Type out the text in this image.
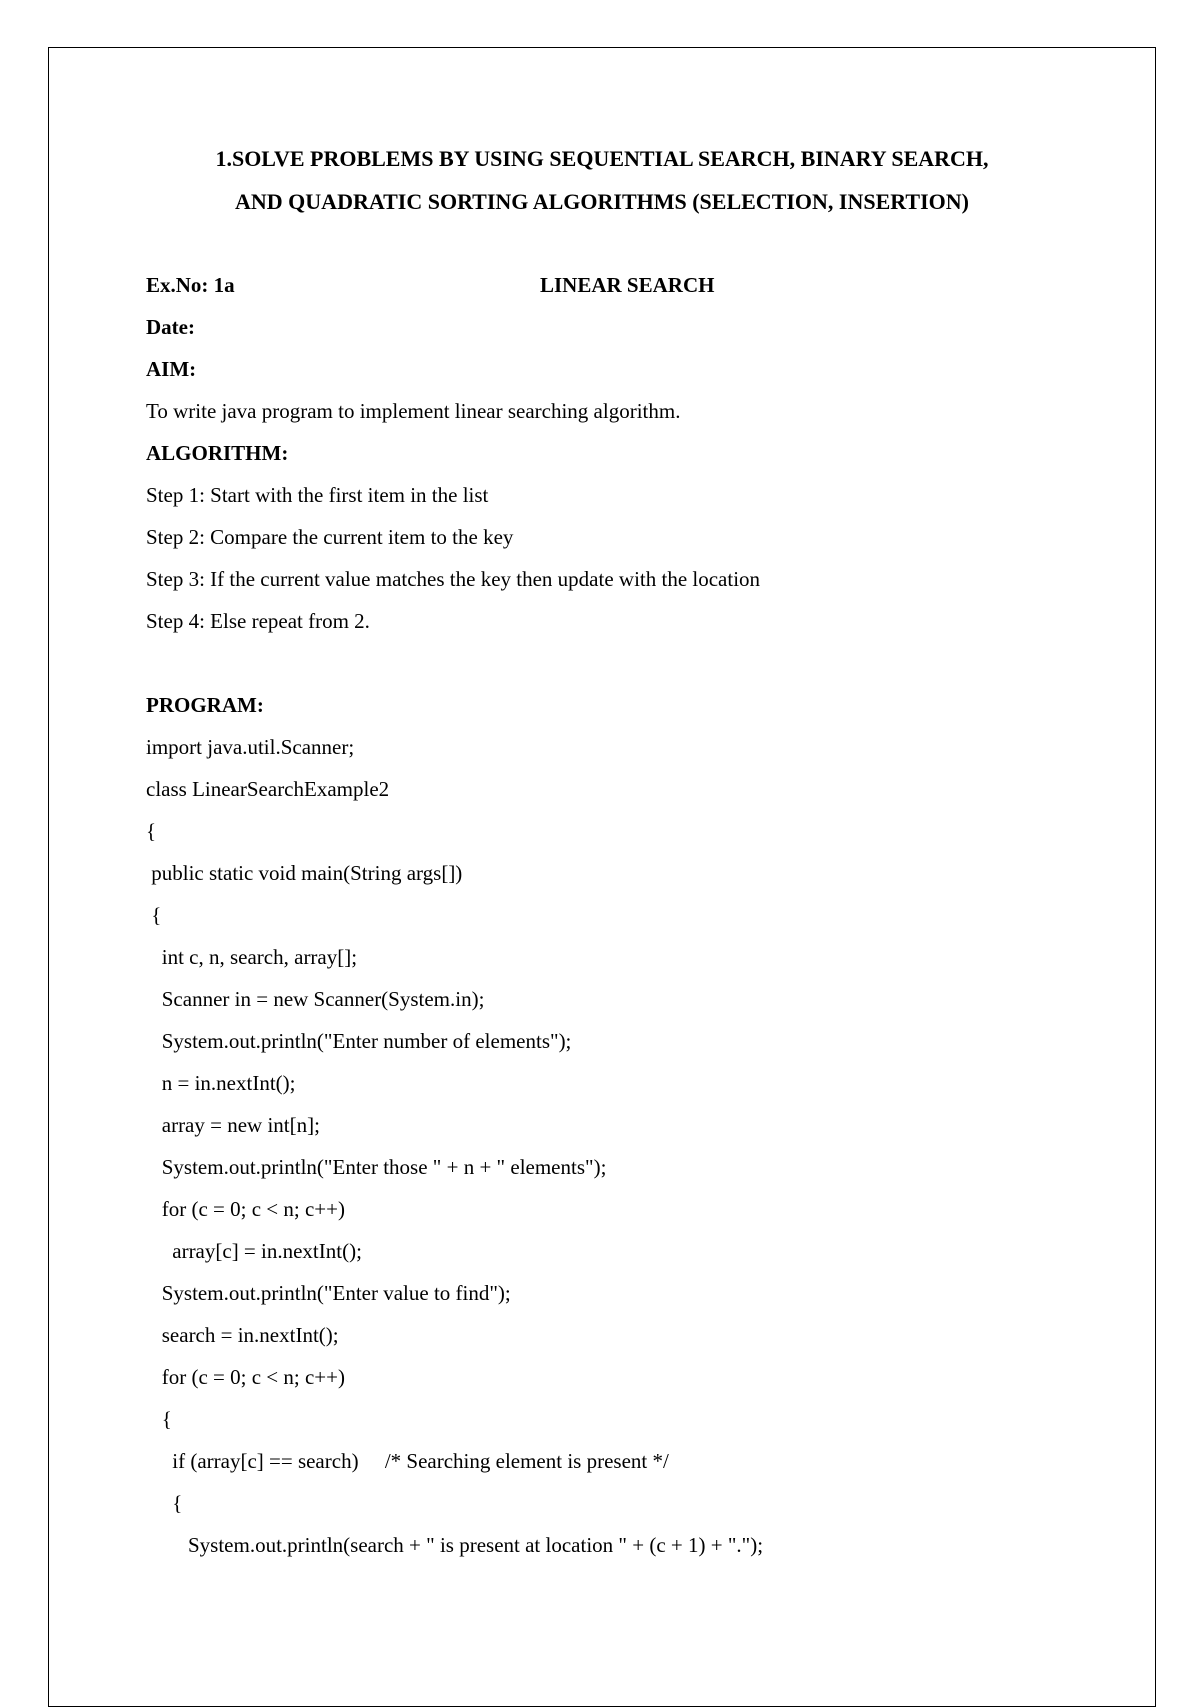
1.SOLVE PROBLEMS BY USING SEQUENTIAL SEARCH, BINARY SEARCH,
AND QUADRATIC SORTING ALGORITHMS (SELECTION, INSERTION)
Ex.No: 1a	LINEAR SEARCH
Date:
AIM:
To write java program to implement linear searching algorithm.
ALGORITHM:
Step 1: Start with the first item in the list
Step 2: Compare the current item to the key
Step 3: If the current value matches the key then update with the location
Step 4: Else repeat from 2.
PROGRAM:
import java.util.Scanner;
class LinearSearchExample2
{
public static void main(String args[])
{
int c, n, search, array[];
Scanner in = new Scanner(System.in);
System.out.println("Enter number of elements");
n = in.nextInt();
array = new int[n];
System.out.println("Enter those " + n + " elements");
for (c = 0; c < n; c++)
array[c] = in.nextInt();
System.out.println("Enter value to find");
search = in.nextInt();
for (c = 0; c < n; c++)
{
if (array[c] == search)     /* Searching element is present */
{
System.out.println(search + " is present at location " + (c + 1) + ".");
